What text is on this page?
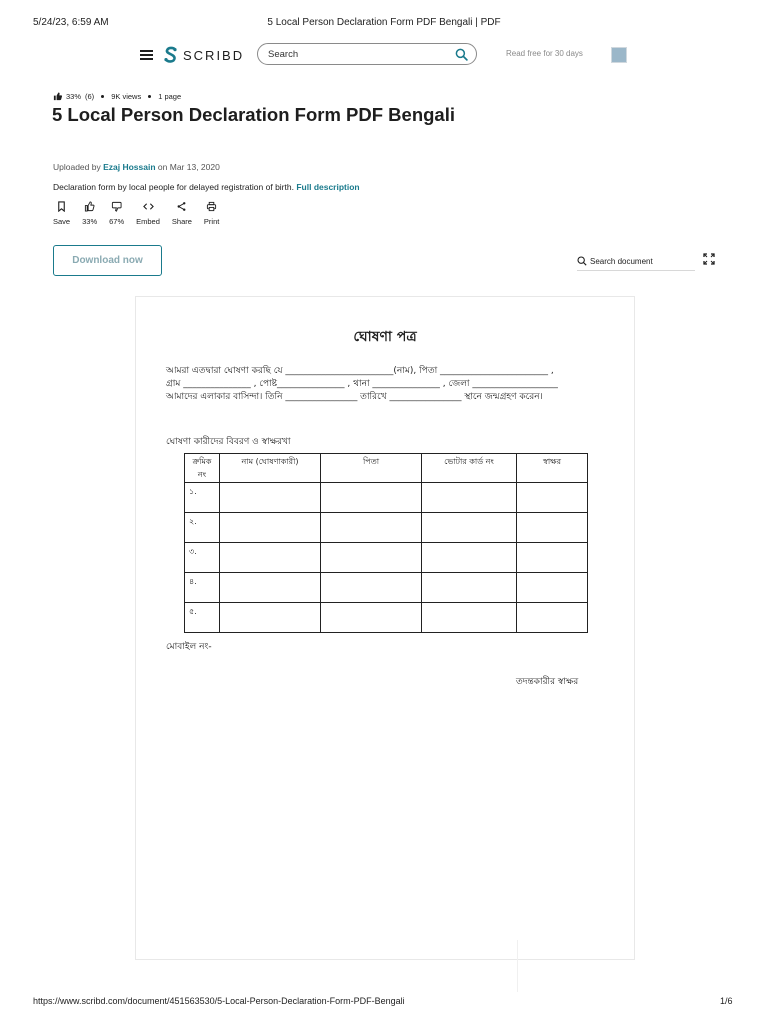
5/24/23, 6:59 AM	5 Local Person Declaration Form PDF Bengali | PDF
SCRIBD
Search	Read free for 30 days
33% (6) 9K views 1 page
5 Local Person Declaration Form PDF Bengali
Uploaded by Ezaj Hossain on Mar 13, 2020
Declaration form by local people for delayed registration of birth. Full description
Save 33% 67% Embed Share Print
Download now
Search document
ঘোষণা পত্র
আমরা এতদ্বারা ঘোষণা করছি যে ________________________(নাম), পিতা ________________________ ,
গ্রাম _______________ , পোষ্ট_______________ , থানা _______________ , জেলা ___________________
আমাদের এলাকার বাসিন্দা। তিনি ________________ তারিখে ________________ স্থানে জন্মগ্রহণ করেন।
ঘোষণা কারীদের বিবরণ ও স্বাক্ষরখা
ক্রমিক নং	নাম (ঘোষণাকারী)	পিতা	ভোটার কার্ড নং	স্বাক্ষর
১.				
২.				
৩.				
৪.				
৫.				
মোবাইল নং-
তদন্তকারীর স্বাক্ষর
https://www.scribd.com/document/451563530/5-Local-Person-Declaration-Form-PDF-Bengali	1/6
